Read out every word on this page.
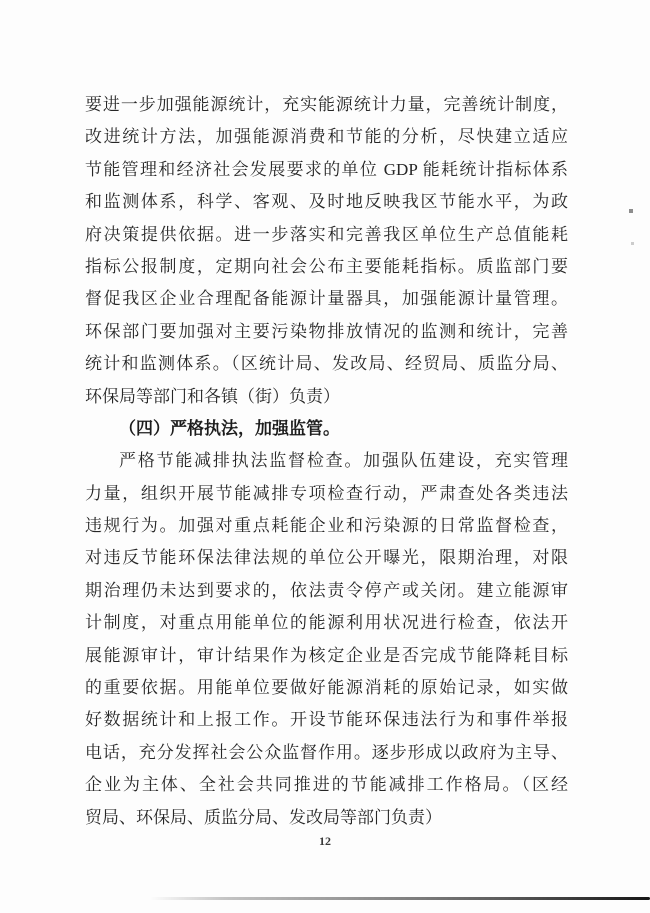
要进一步加强能源统计，充实能源统计力量，完善统计制度，
改进统计方法，加强能源消费和节能的分析，尽快建立适应
节能管理和经济社会发展要求的单位 GDP 能耗统计指标体系
和监测体系，科学、客观、及时地反映我区节能水平，为政
府决策提供依据。进一步落实和完善我区单位生产总值能耗
指标公报制度，定期向社会公布主要能耗指标。质监部门要
督促我区企业合理配备能源计量器具，加强能源计量管理。
环保部门要加强对主要污染物排放情况的监测和统计，完善
统计和监测体系。（区统计局、发改局、经贸局、质监分局、
环保局等部门和各镇（街）负责）
（四）严格执法，加强监管。
严格节能减排执法监督检查。加强队伍建设，充实管理
力量，组织开展节能减排专项检查行动，严肃查处各类违法
违规行为。加强对重点耗能企业和污染源的日常监督检查，
对违反节能环保法律法规的单位公开曝光，限期治理，对限
期治理仍未达到要求的，依法责令停产或关闭。建立能源审
计制度，对重点用能单位的能源利用状况进行检查，依法开
展能源审计，审计结果作为核定企业是否完成节能降耗目标
的重要依据。用能单位要做好能源消耗的原始记录，如实做
好数据统计和上报工作。开设节能环保违法行为和事件举报
电话，充分发挥社会公众监督作用。逐步形成以政府为主导、
企业为主体、全社会共同推进的节能减排工作格局。（区经
贸局、环保局、质监分局、发改局等部门负责）
12
